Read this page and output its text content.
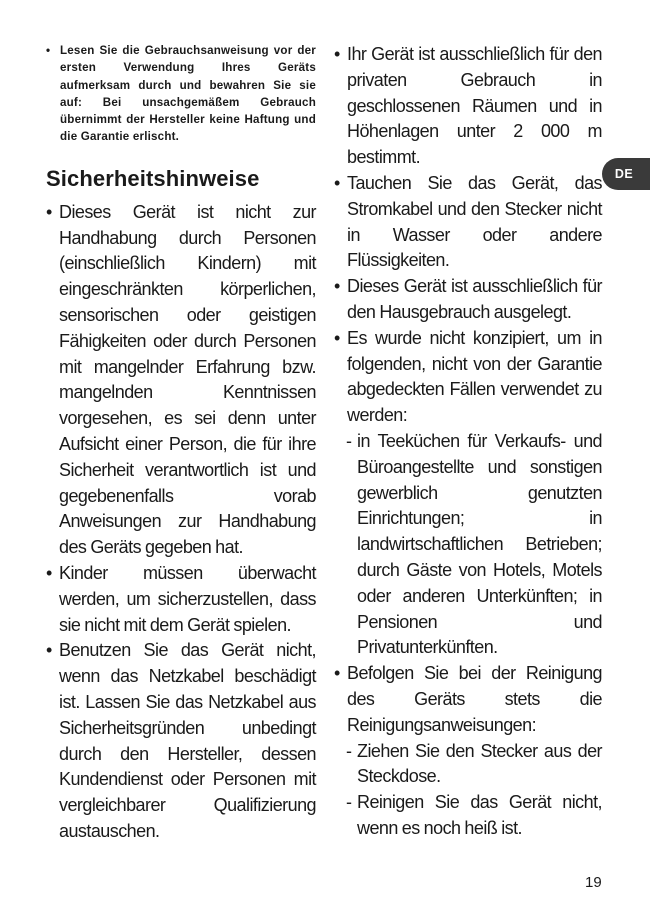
• Lesen Sie die Gebrauchsanweisung vor der ersten Verwendung Ihres Geräts aufmerksam durch und bewahren Sie sie auf: Bei unsachgemäßem Gebrauch übernimmt der Hersteller keine Haftung und die Garantie erlischt.
Sicherheitshinweise
• Dieses Gerät ist nicht zur Handhabung durch Personen (einschließlich Kindern) mit eingeschränkten körperlichen, sensorischen oder geistigen Fähigkeiten oder durch Personen mit mangelnder Erfahrung bzw. mangelnden Kenntnissen vorgesehen, es sei denn unter Aufsicht einer Person, die für ihre Sicherheit verantwortlich ist und gegebenenfalls vorab Anweisungen zur Handhabung des Geräts gegeben hat.
• Kinder müssen überwacht werden, um sicherzustellen, dass sie nicht mit dem Gerät spielen.
• Benutzen Sie das Gerät nicht, wenn das Netzkabel beschädigt ist. Lassen Sie das Netzkabel aus Sicherheitsgründen unbedingt durch den Hersteller, dessen Kundendienst oder Personen mit vergleichbarer Qualifizierung austauschen.
• Ihr Gerät ist ausschließlich für den privaten Gebrauch in geschlossenen Räumen und in Höhenlagen unter 2 000 m bestimmt.
• Tauchen Sie das Gerät, das Stromkabel und den Stecker nicht in Wasser oder andere Flüssigkeiten.
• Dieses Gerät ist ausschließlich für den Hausgebrauch ausgelegt.
• Es wurde nicht konzipiert, um in folgenden, nicht von der Garantie abgedeckten Fällen verwendet zu werden:
- in Teeküchen für Verkaufs- und Büroangestellte und sonstigen gewerblich genutzten Einrichtungen; in landwirtschaftlichen Betrieben; durch Gäste von Hotels, Motels oder anderen Unterkünften; in Pensionen und Privatunterkünften.
• Befolgen Sie bei der Reinigung des Geräts stets die Reinigungsanweisungen:
- Ziehen Sie den Stecker aus der Steckdose.
- Reinigen Sie das Gerät nicht, wenn es noch heiß ist.
DE
19
